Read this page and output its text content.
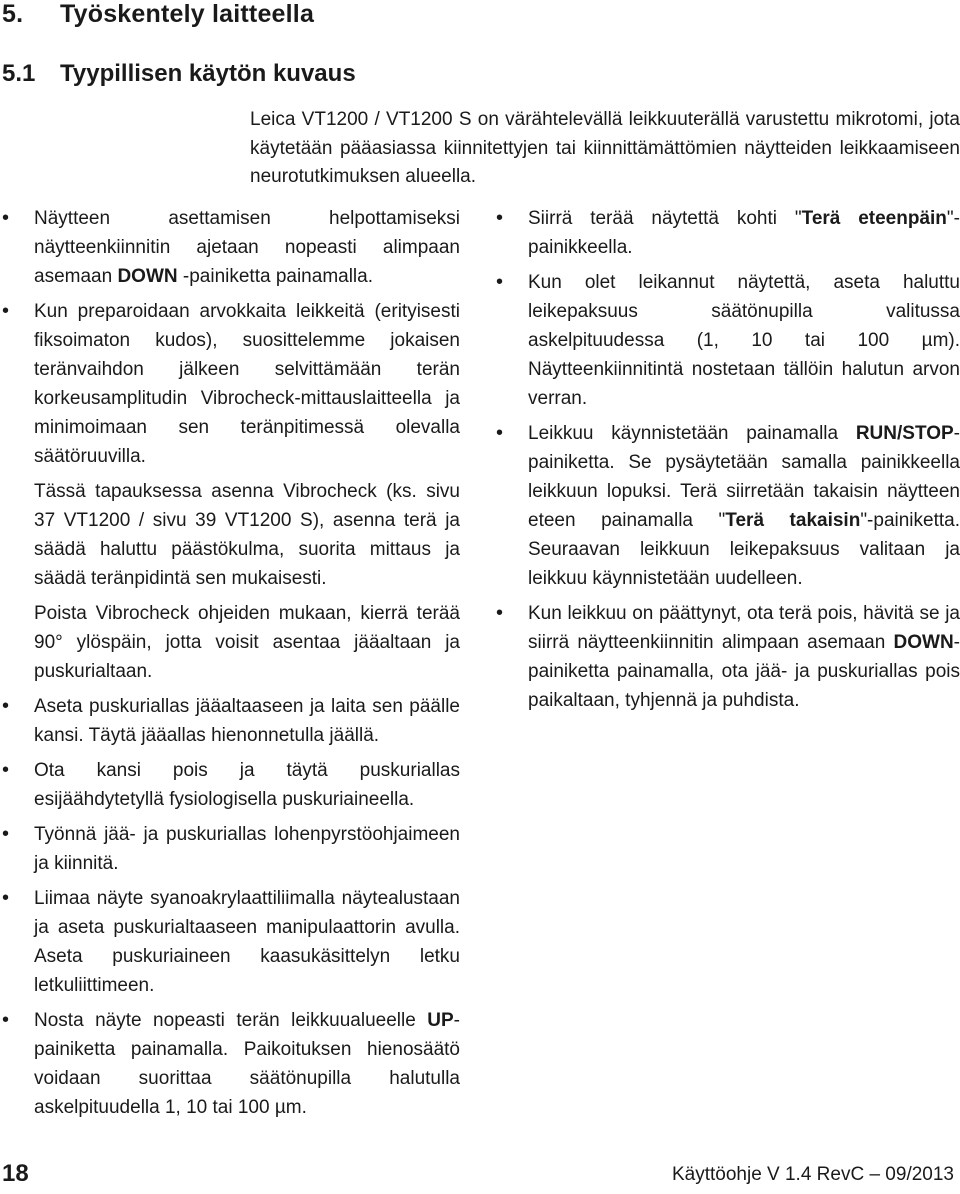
5. Työskentely laitteella
5.1 Tyypillisen käytön kuvaus

Leica VT1200 / VT1200 S on värähtelevällä leikkuuterällä varustettu mikrotomi, jota käytetään pääasiassa kiinnitettyjen tai kiinnittämättömien näytteiden leikkaamiseen neurotutkimuksen alueella.

•	Näytteen asettamisen helpottamiseksi näytteenkiinnitin ajetaan nopeasti alimpaan asemaan DOWN -painiketta painamalla.
•	Kun preparoidaan arvokkaita leikkeitä (erityisesti fiksoimaton kudos), suosittelemme jokaisen teränvaihdon jälkeen selvittämään terän korkeusamplitudin Vibrocheck-mittauslaitteella ja minimoimaan sen teränpitimessä olevalla säätöruuvilla.

Tässä tapauksessa asenna Vibrocheck (ks. sivu 37 VT1200 / sivu 39 VT1200 S), asenna terä ja säädä haluttu päästökulma, suorita mittaus ja säädä teränpidintä sen mukaisesti.

Poista Vibrocheck ohjeiden mukaan, kierrä terää 90° ylöspäin, jotta voisit asentaa jääaltaan ja puskurialtaan.

•	Aseta puskuriallas jääaltaaseen ja laita sen päälle kansi. Täytä jääallas hienonnetulla jäällä.
•	Ota kansi pois ja täytä puskuriallas esijäähdytetyllä fysiologisella puskuriaineella.
•	Työnnä jää- ja puskuriallas lohenpyrstöohjaimeen ja kiinnitä.
•	Liimaa näyte syanoakrylaattiliimalla näytealustaan ja aseta puskurialtaaseen manipulaattorin avulla. Aseta puskuriaineen kaasukäsittelyn letku letkuliittimeen.
•	Nosta näyte nopeasti terän leikkuualueelle UP-painiketta painamalla. Paikoituksen hienosäätö voidaan suorittaa säätönupilla halutulla askelpituudella 1, 10 tai 100 µm.
•	Siirrä terää näytettä kohti "Terä eteenpäin"-painikkeella.
•	Kun olet leikannut näytettä, aseta haluttu leikepaksuus säätönupilla valitussa askelpituudessa (1, 10 tai 100 µm). Näytteenkiinnitintä nostetaan tällöin halutun arvon verran.
•	Leikkuu käynnistetään painamalla RUN/STOP-painiketta. Se pysäytetään samalla painikkeella leikkuun lopuksi. Terä siirretään takaisin näytteen eteen painamalla "Terä takaisin"-painiketta. Seuraavan leikkuun leikepaksuus valitaan ja leikkuu käynnistetään uudelleen.
•	Kun leikkuu on päättynyt, ota terä pois, hävitä se ja siirrä näytteenkiinnitin alimpaan asemaan DOWN-painiketta painamalla, ota jää- ja puskuriallas pois paikaltaan, tyhjennä ja puhdista.

18	Käyttöohje V 1.4 RevC – 09/2013
